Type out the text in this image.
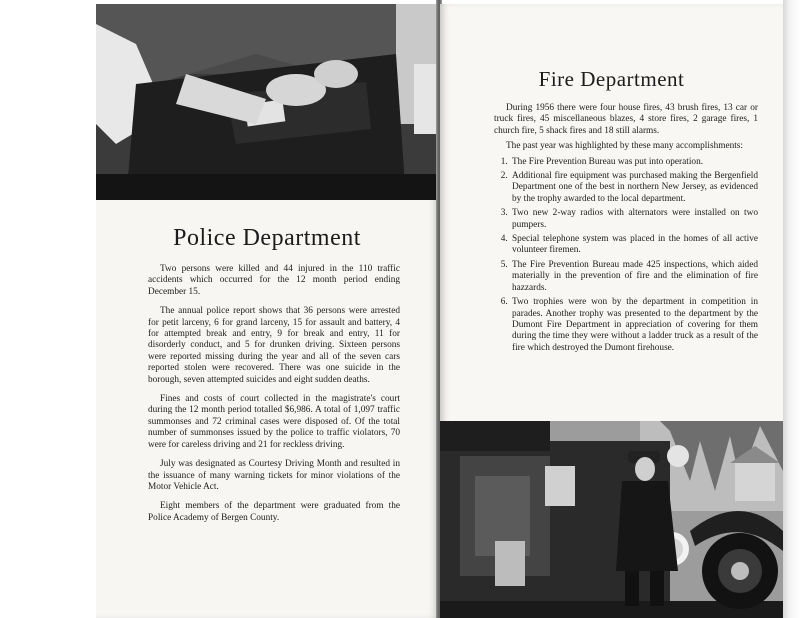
Police Department

Two persons were killed and 44 injured in the 110 traffic accidents which occurred for the 12 month period ending December 15.

The annual police report shows that 36 persons were arrested for petit larceny, 6 for grand larceny, 15 for assault and battery, 4 for attempted break and entry, 9 for break and entry, 11 for disorderly conduct, and 5 for drunken driving. Sixteen persons were reported missing during the year and all of the seven cars reported stolen were recovered. There was one suicide in the borough, seven attempted suicides and eight sudden deaths.

Fines and costs of court collected in the magistrate's court during the 12 month period totalled $6,986. A total of 1,097 traffic summonses and 72 criminal cases were disposed of. Of the total number of summonses issued by the police to traffic violators, 70 were for careless driving and 21 for reckless driving.

July was designated as Courtesy Driving Month and resulted in the issuance of many warning tickets for minor violations of the Motor Vehicle Act.

Eight members of the department were graduated from the Police Academy of Bergen County.

Fire Department

During 1956 there were four house fires, 43 brush fires, 13 car or truck fires, 45 miscellaneous blazes, 4 store fires, 2 garage fires, 1 church fire, 5 shack fires and 18 still alarms.

The past year was highlighted by these many accomplishments:

1. The Fire Prevention Bureau was put into operation.
2. Additional fire equipment was purchased making the Bergenfield Department one of the best in northern New Jersey, as evidenced by the trophy awarded to the local department.
3. Two new 2-way radios with alternators were installed on two pumpers.
4. Special telephone system was placed in the homes of all active volunteer firemen.
5. The Fire Prevention Bureau made 425 inspections, which aided materially in the prevention of fire and the elimination of fire hazzards.
6. Two trophies were won by the department in competition in parades. Another trophy was presented to the department by the Dumont Fire Department in appreciation of covering for them during the time they were without a ladder truck as a result of the fire which destroyed the Dumont firehouse.
